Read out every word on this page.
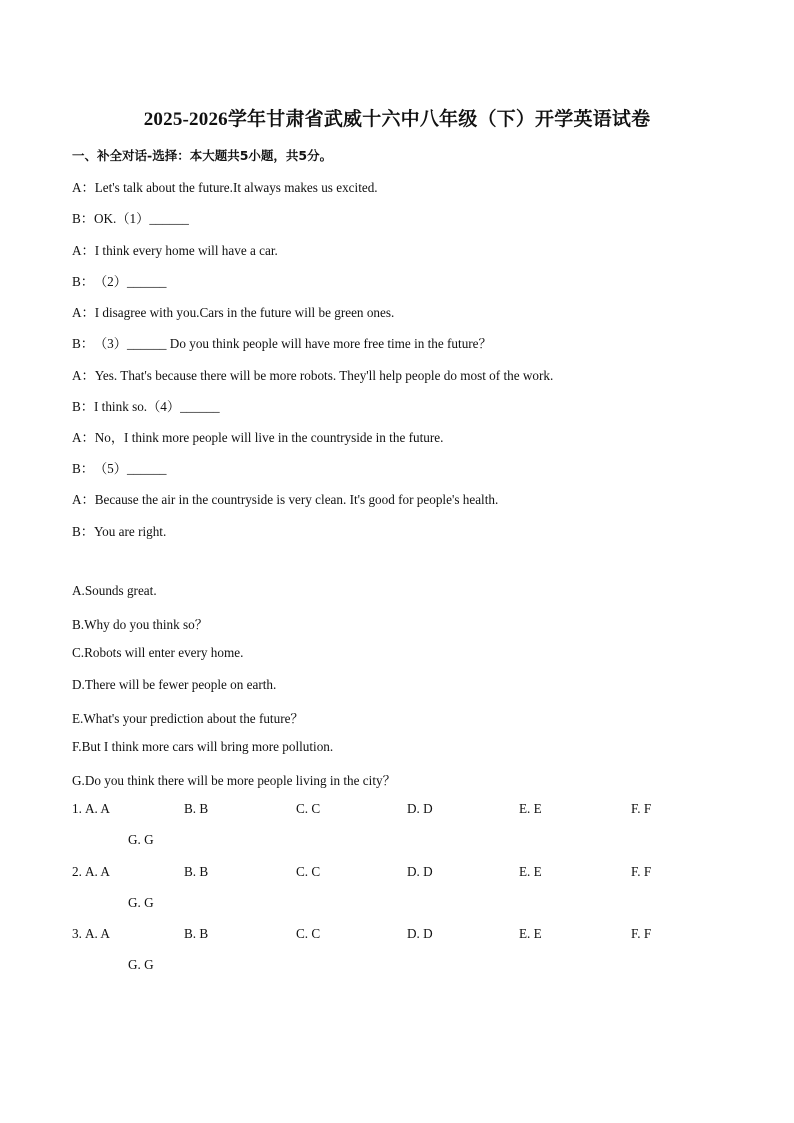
2025-2026学年甘肃省武威十六中八年级（下）开学英语试卷
一、补全对话-选择：本大题共5小题，共5分。
A：Let's talk about the future.It always makes us excited.
B：OK.（1）______
A：I think every home will have a car.
B：（2）______
A：I disagree with you.Cars in the future will be green ones.
B：（3）______ Do you think people will have more free time in the future？
A：Yes. That's because there will be more robots. They'll help people do most of the work.
B：I think so.（4）______
A：No，I think more people will live in the countryside in the future.
B：（5）______
A：Because the air in the countryside is very clean. It's good for people's health.
B：You are right.
A.Sounds great.
B.Why do you think so？
C.Robots will enter every home.
D.There will be fewer people on earth.
E.What's your prediction about the future？
F.But I think more cars will bring more pollution.
G.Do you think there will be more people living in the city？
1. A. A	B. B	C. C	D. D	E. E	F. F
G. G
2. A. A	B. B	C. C	D. D	E. E	F. F
G. G
3. A. A	B. B	C. C	D. D	E. E	F. F
G. G
